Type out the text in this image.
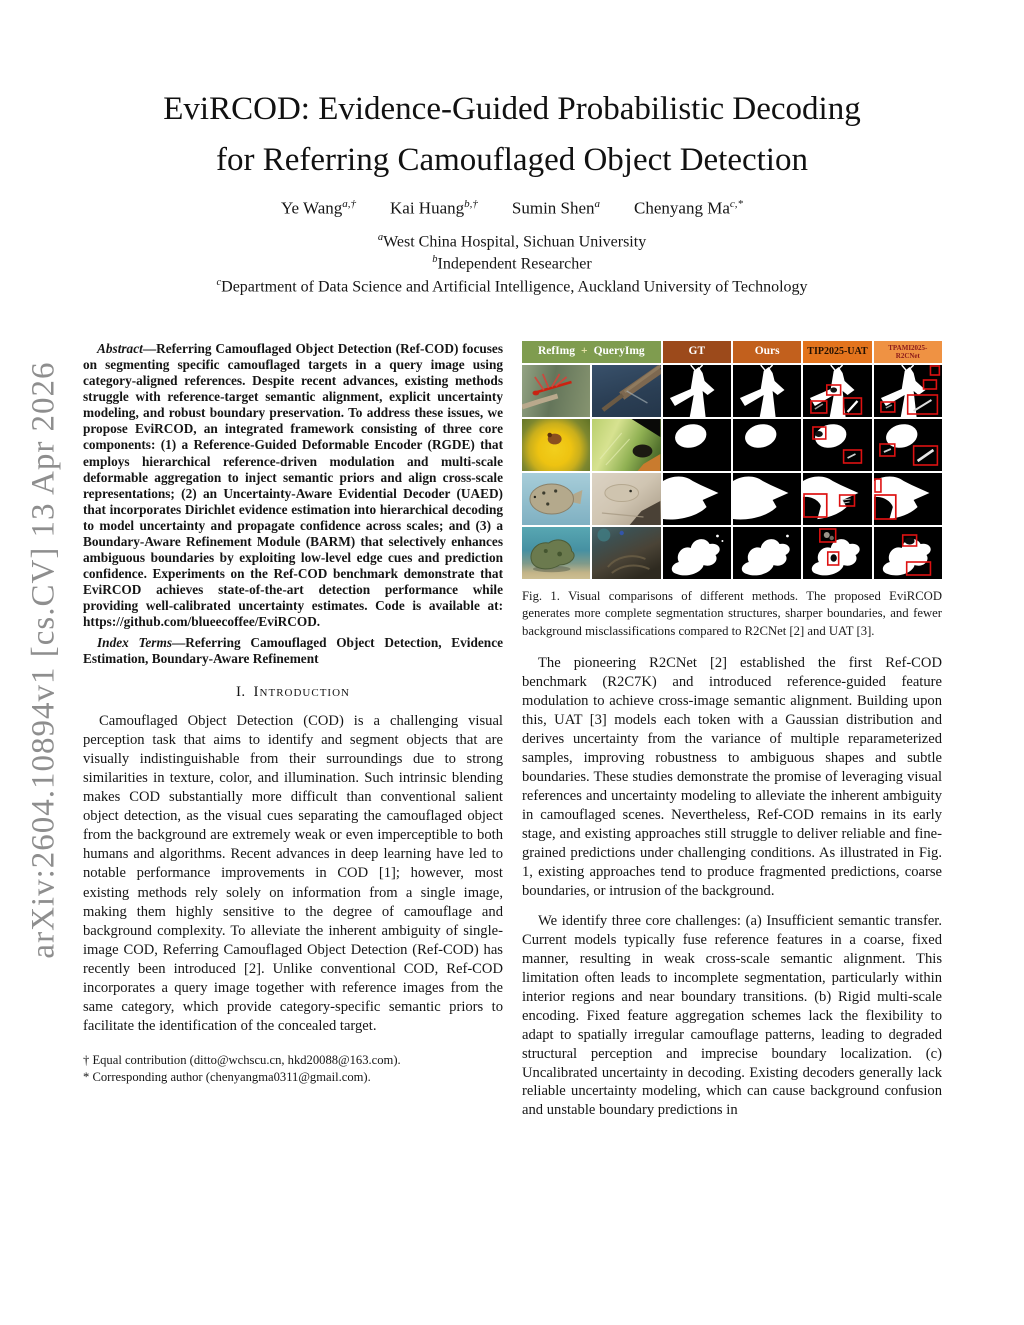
arXiv:2604.10894v1 [cs.CV] 13 Apr 2026
EviRCOD: Evidence-Guided Probabilistic Decoding
for Referring Camouflaged Object Detection
Ye Wang$^{a,\dagger}$ Kai Huang$^{b,\dagger}$ Sumin Shen$^a$ Chenyang $Ma^{c,*}$
$^a$West China Hospital, Sichuan University
$^b$Independent Researcher
$^c$Department of Data Science and Artificial Intelligence, Auckland University of Technology

Abstract—Referring Camouflaged Object Detection (Ref-COD) focuses on segmenting specific camouflaged targets in a query image using category-aligned references. Despite recent advances, existing methods struggle with reference-target semantic alignment, explicit uncertainty modeling, and robust boundary preservation. To address these issues, we propose EviRCOD, an integrated framework consisting of three core components: (1) a Reference-Guided Deformable Encoder (RGDE) that employs hierarchical reference-driven modulation and multi-scale deformable aggregation to inject semantic priors and align cross-scale representations; (2) an Uncertainty-Aware Evidential Decoder (UAED) that incorporates Dirichlet evidence estimation into hierarchical decoding to model uncertainty and propagate confidence across scales; and (3) a Boundary-Aware Refinement Module (BARM) that selectively enhances ambiguous boundaries by exploiting low-level edge cues and prediction confidence. Experiments on the Ref-COD benchmark demonstrate that EviRCOD achieves state-of-the-art detection performance while providing well-calibrated uncertainty estimates. Code is available at: https://github.com/blueecoffee/EviRCOD.

Index Terms—Referring Camouflaged Object Detection, Evidence Estimation, Boundary-Aware Refinement

I. Introduction

Camouflaged Object Detection (COD) is a challenging visual perception task that aims to identify and segment objects that are visually indistinguishable from their surroundings due to strong similarities in texture, color, and illumination. Such intrinsic blending makes COD substantially more difficult than conventional salient object detection, as the visual cues separating the camouflaged object from the background are extremely weak or even imperceptible to both humans and algorithms. Recent advances in deep learning have led to notable performance improvements in COD [1]; however, most existing methods rely solely on information from a single image, making them highly sensitive to the degree of camouflage and background complexity. To alleviate the inherent ambiguity of single-image COD, Referring Camouflaged Object Detection (Ref-COD) has recently been introduced [2]. Unlike conventional COD, Ref-COD incorporates a query image together with reference images from the same category, which provide category-specific semantic priors to facilitate the identification of the concealed target.

† Equal contribution (ditto@wchscu.cn, hkd20088@163.com).
* Corresponding author (chenyangma0311@gmail.com).
RefImg + QueryImg	GT	Ours	TIP2025-UAT	TPAMI2025-
R2CNet

Fig. 1. Visual comparisons of different methods. The proposed EviRCOD generates more complete segmentation structures, sharper boundaries, and fewer background misclassifications compared to R2CNet [2] and UAT [3].

The pioneering R2CNet [2] established the first Ref-COD benchmark (R2C7K) and introduced reference-guided feature modulation to achieve cross-image semantic alignment. Building upon this, UAT [3] models each token with a Gaussian distribution and derives uncertainty from the variance of multiple reparameterized samples, improving robustness to ambiguous shapes and subtle boundaries. These studies demonstrate the promise of leveraging visual references and uncertainty modeling to alleviate the inherent ambiguity in camouflaged scenes. Nevertheless, Ref-COD remains in its early stage, and existing approaches still struggle to deliver reliable and fine-grained predictions under challenging conditions. As illustrated in Fig. 1, existing approaches tend to produce fragmented predictions, coarse boundaries, or intrusion of the background.

We identify three core challenges: (a) Insufficient semantic transfer. Current models typically fuse reference features in a coarse, fixed manner, resulting in weak cross-scale semantic alignment. This limitation often leads to incomplete segmentation, particularly within interior regions and near boundary transitions. (b) Rigid multi-scale encoding. Fixed feature aggregation schemes lack the flexibility to adapt to spatially irregular camouflage patterns, leading to degraded structural perception and imprecise boundary localization. (c) Uncalibrated uncertainty in decoding. Existing decoders generally lack reliable uncertainty modeling, which can cause background confusion and unstable boundary predictions in
